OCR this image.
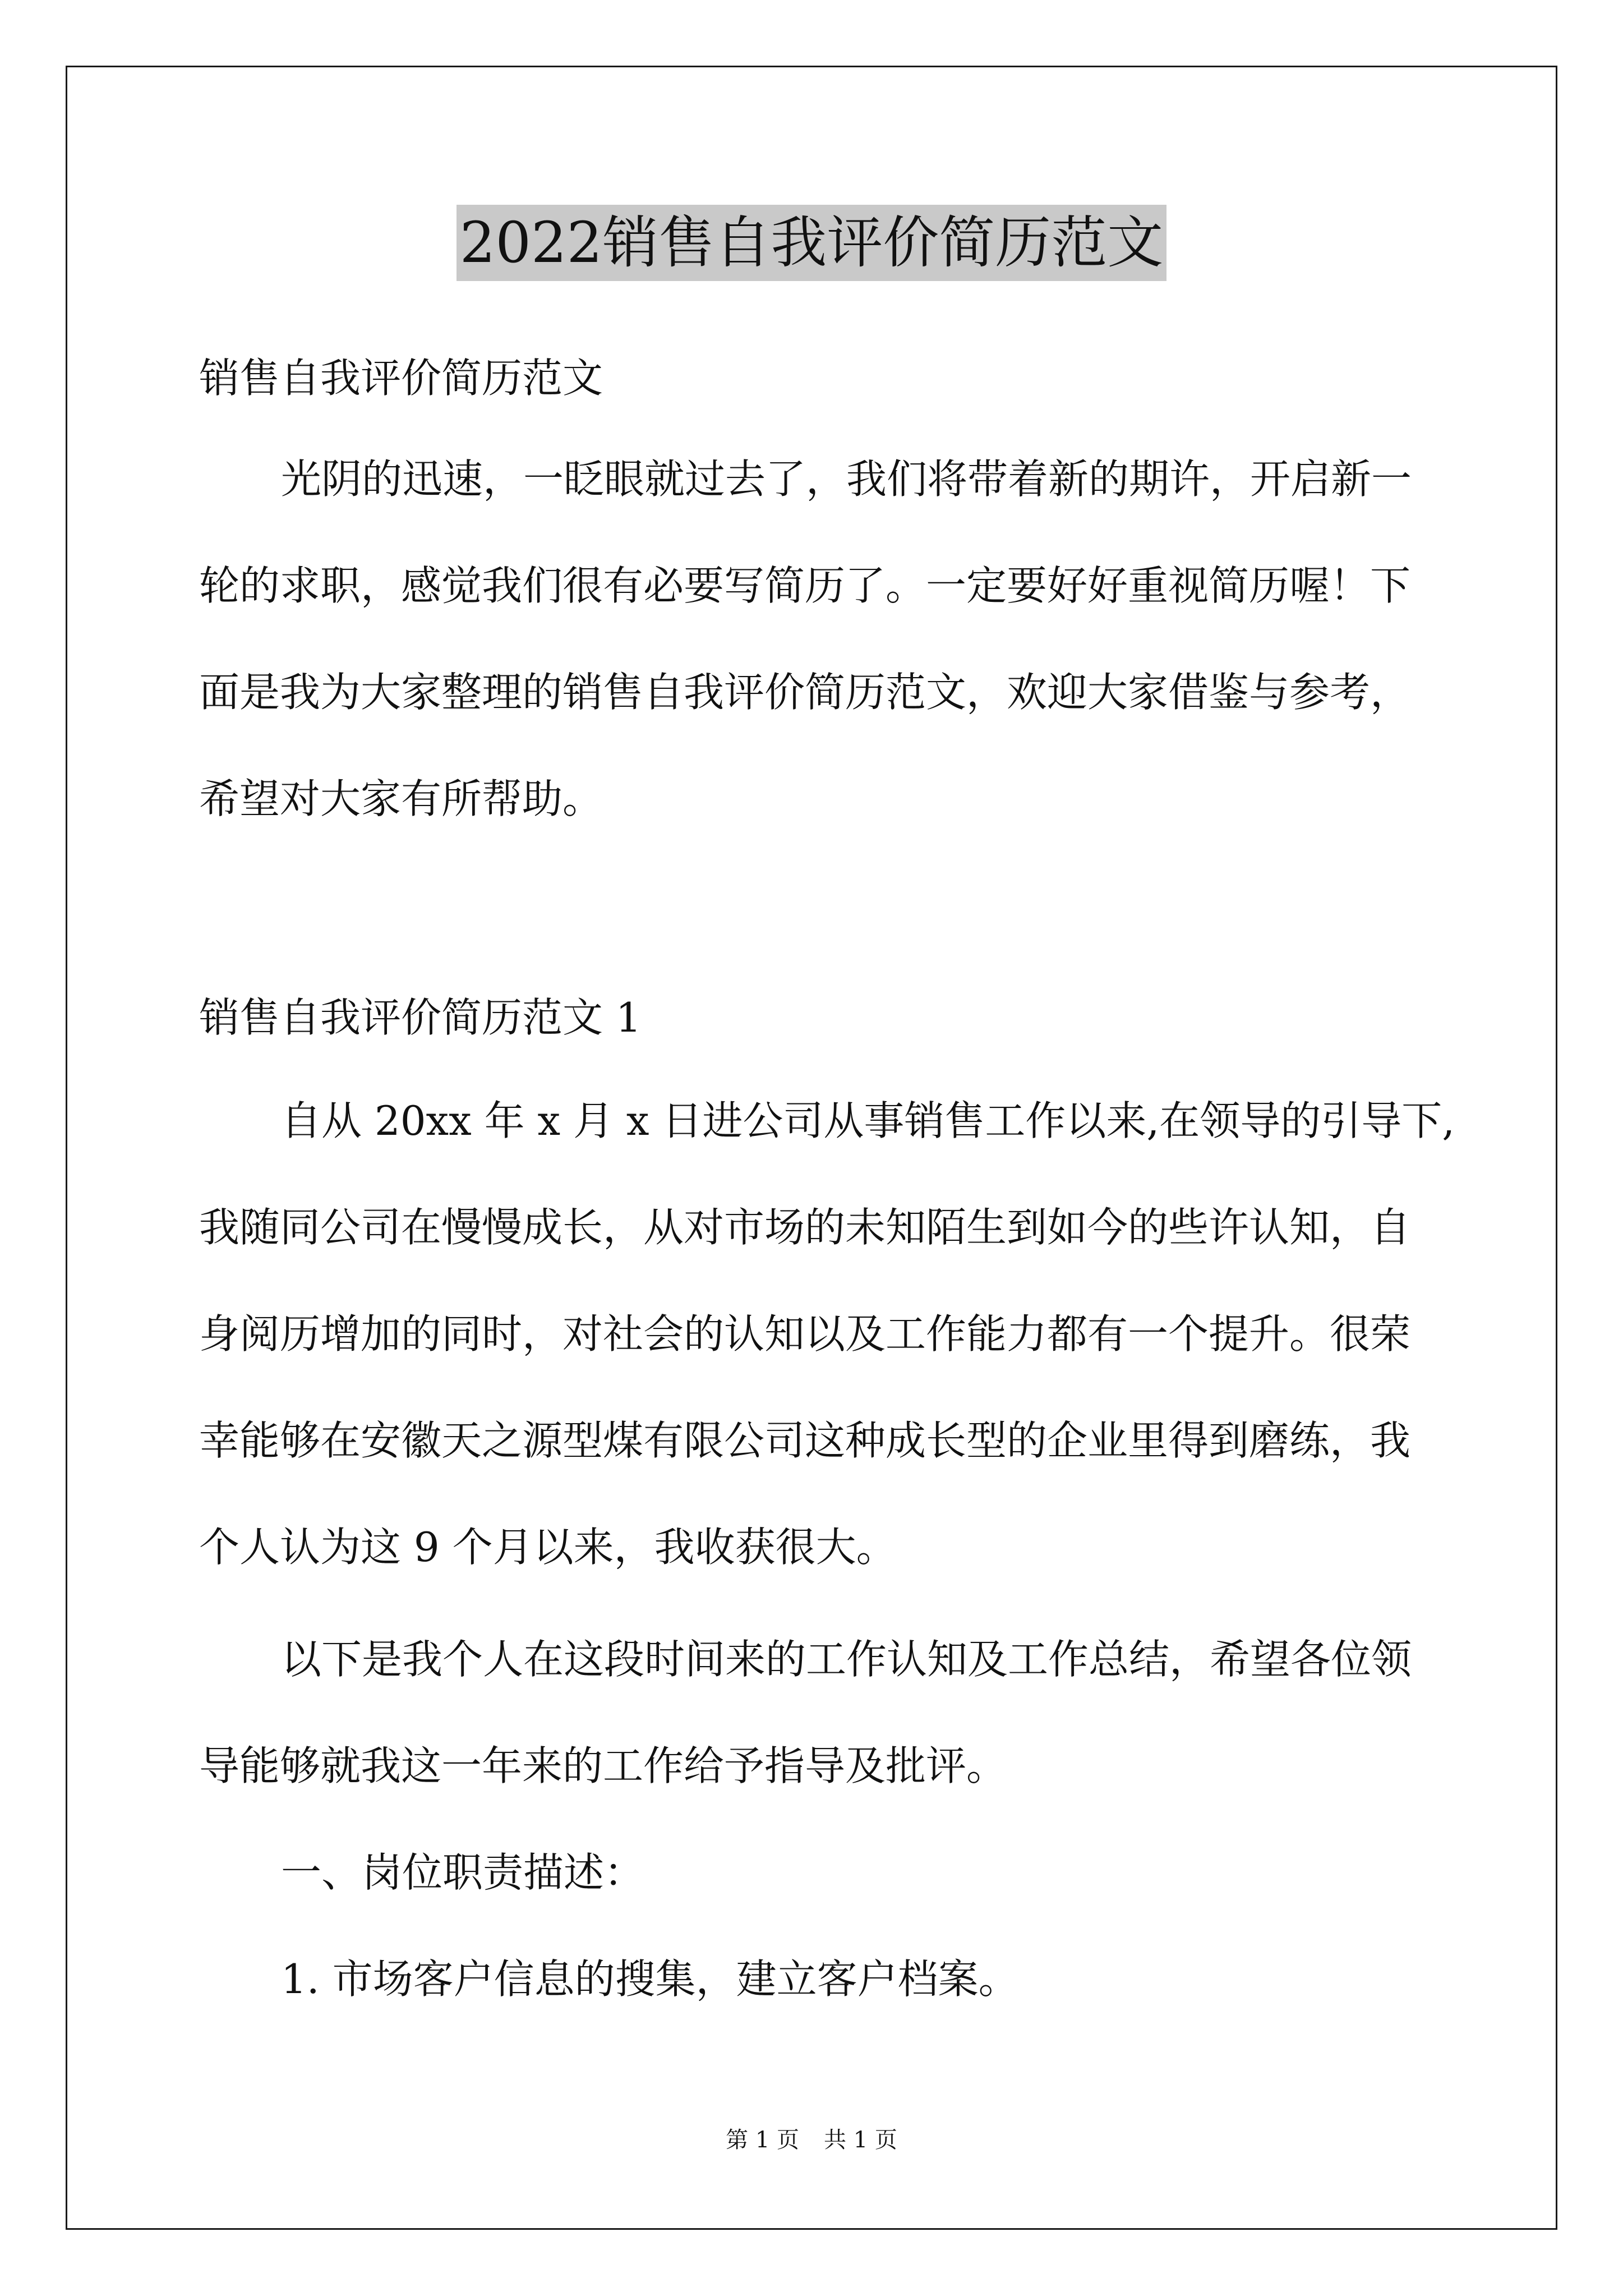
2022销售自我评价简历范文
销售自我评价简历范文
光阴的迅速，一眨眼就过去了，我们将带着新的期许，开启新一
轮的求职，感觉我们很有必要写简历了。一定要好好重视简历喔！下
面是我为大家整理的销售自我评价简历范文，欢迎大家借鉴与参考，
希望对大家有所帮助。
销售自我评价简历范文 1
自从 20xx 年 x 月 x 日进公司从事销售工作以来,在领导的引导下,
我随同公司在慢慢成长，从对市场的未知陌生到如今的些许认知，自
身阅历增加的同时，对社会的认知以及工作能力都有一个提升。很荣
幸能够在安徽天之源型煤有限公司这种成长型的企业里得到磨练，我
个人认为这 9 个月以来，我收获很大。
以下是我个人在这段时间来的工作认知及工作总结，希望各位领
导能够就我这一年来的工作给予指导及批评。
一、岗位职责描述：
1. 市场客户信息的搜集，建立客户档案。
第 1 页 共 1 页
